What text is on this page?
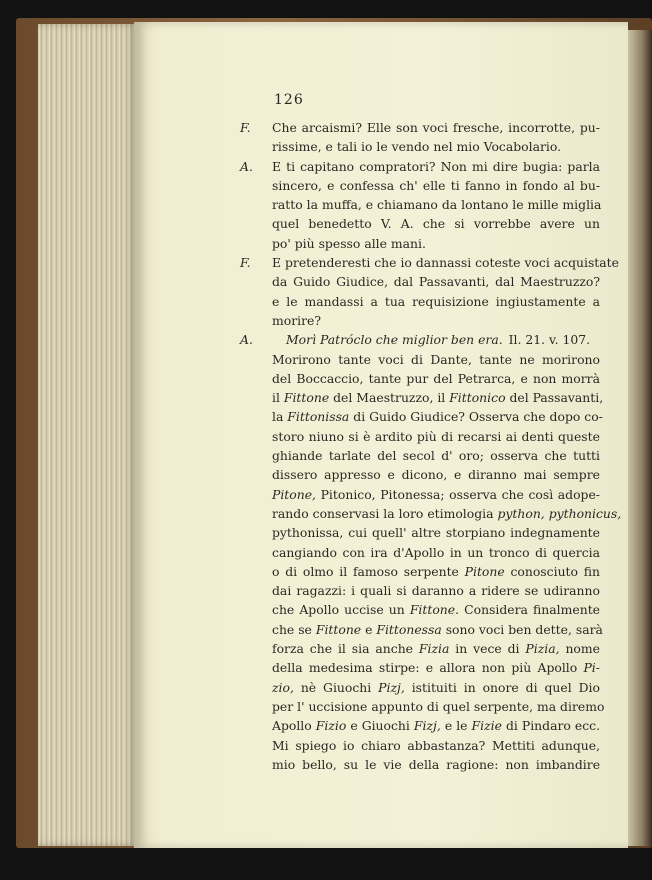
126
F. Che arcaismi? Elle son voci fresche, incorrotte, pu-
rissime, e tali io le vendo nel mio Vocabolario.
A. E ti capitano compratori? Non mi dire bugia: parla
sincero, e confessa ch' elle ti fanno in fondo al bu-
ratto la muffa, e chiamano da lontano le mille miglia
quel benedetto V. A. che si vorrebbe avere un
po' più spesso alle mani.
F. E pretenderesti che io dannassi coteste voci acquistate
da Guido Giudice, dal Passavanti, dal Maestruzzo?
e le mandassi a tua requisizione ingiustamente a
morire?
A.	Morì Patróclo che miglior ben era. Il. 21. v. 107.
Morirono tante voci di Dante, tante ne morirono
del Boccaccio, tante pur del Petrarca, e non morrà
il Fittone del Maestruzzo, il Fittonico del Passavanti,
la Fittonissa di Guido Giudice? Osserva che dopo co-
storo niuno si è ardito più di recarsi ai denti queste
ghiande tarlate del secol d' oro; osserva che tutti
dissero appresso e dicono, e diranno mai sempre
Pitone, Pitonico, Pitonessa; osserva che così adope-
rando conservasi la loro etimologia python, pythonicus,
pythonissa, cui quell' altre storpiano indegnamente
cangiando con ira d'Apollo in un tronco di quercia
o di olmo il famoso serpente Pitone conosciuto fin
dai ragazzi: i quali si daranno a ridere se udiranno
che Apollo uccise un Fittone. Considera finalmente
che se Fittone e Fittonessa sono voci ben dette, sarà
forza che il sia anche Fizia in vece di Pizia, nome
della medesima stirpe: e allora non più Apollo Pi-
zio, nè Giuochi Pizj, istituiti in onore di quel Dio
per l' uccisione appunto di quel serpente, ma diremo
Apollo Fizio e Giuochi Fizj, e le Fizie di Pindaro ecc.
Mi spiego io chiaro abbastanza? Mettiti adunque,
mio bello, su le vie della ragione: non imbandire
